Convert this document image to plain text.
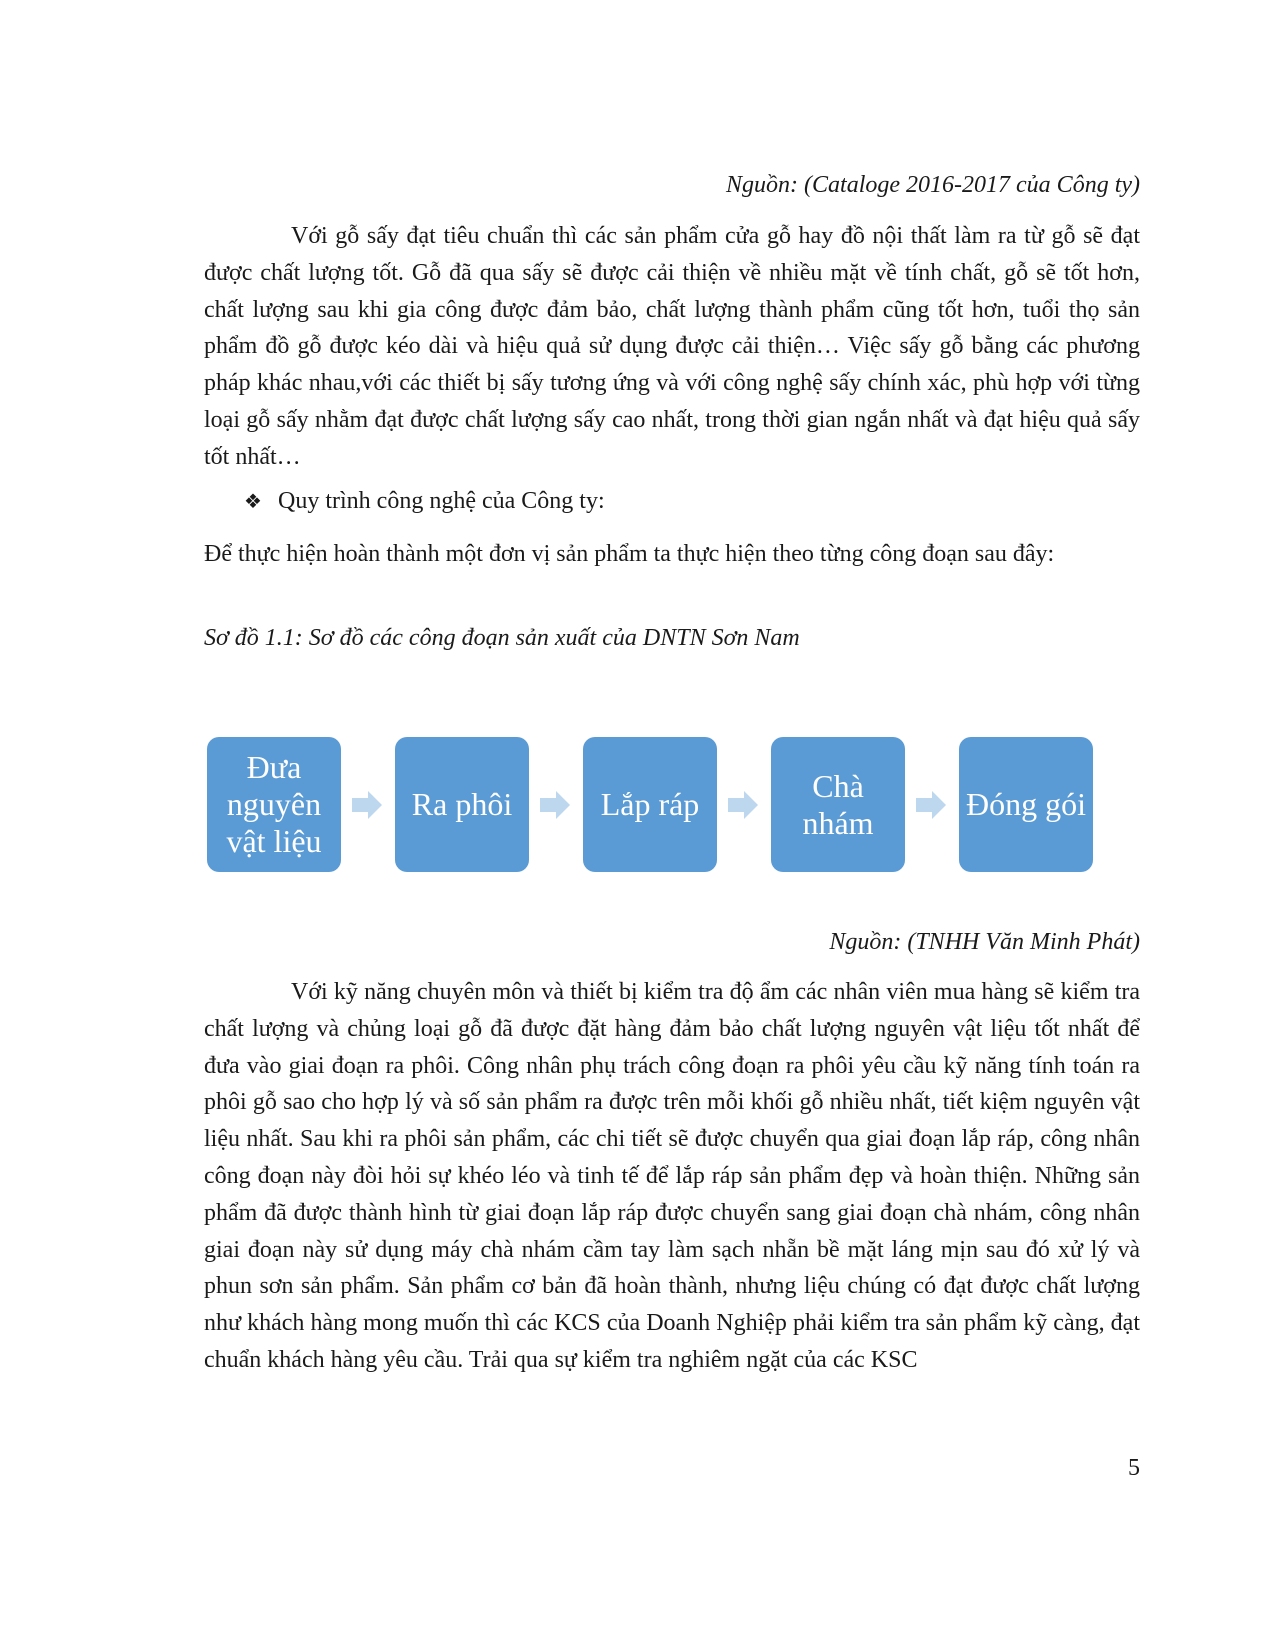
Nguồn: (Cataloge 2016-2017 của Công ty)

Với gỗ sấy đạt tiêu chuẩn thì các sản phẩm cửa gỗ hay đồ nội thất làm ra từ gỗ sẽ đạt được chất lượng tốt. Gỗ đã qua sấy sẽ được cải thiện về nhiều mặt về tính chất, gỗ sẽ tốt hơn, chất lượng sau khi gia công được đảm bảo, chất lượng thành phẩm cũng tốt hơn, tuổi thọ sản phẩm đồ gỗ được kéo dài và hiệu quả sử dụng được cải thiện… Việc sấy gỗ bằng các phương pháp khác nhau,với các thiết bị sấy tương ứng và với công nghệ sấy chính xác, phù hợp với từng loại gỗ sấy nhằm đạt được chất lượng sấy cao nhất, trong thời gian ngắn nhất và đạt hiệu quả sấy tốt nhất…

❖ Quy trình công nghệ của Công ty:

Để thực hiện hoàn thành một đơn vị sản phẩm ta thực hiện theo từng công đoạn sau đây:

Sơ đồ 1.1: Sơ đồ các công đoạn sản xuất của DNTN Sơn Nam
Đưa nguyên vật liệu
Ra phôi	Lắp ráp
Chà nhám
Đóng gói
Nguồn: (TNHH Văn Minh Phát)

Với kỹ năng chuyên môn và thiết bị kiểm tra độ ẩm các nhân viên mua hàng sẽ kiểm tra chất lượng và chủng loại gỗ đã được đặt hàng đảm bảo chất lượng nguyên vật liệu tốt nhất để đưa vào giai đoạn ra phôi. Công nhân phụ trách công đoạn ra phôi yêu cầu kỹ năng tính toán ra phôi gỗ sao cho hợp lý và số sản phẩm ra được trên mỗi khối gỗ nhiều nhất, tiết kiệm nguyên vật liệu nhất. Sau khi ra phôi sản phẩm, các chi tiết sẽ được chuyển qua giai đoạn lắp ráp, công nhân công đoạn này đòi hỏi sự khéo léo và tinh tế để lắp ráp sản phẩm đẹp và hoàn thiện. Những sản phẩm đã được thành hình từ giai đoạn lắp ráp được chuyển sang giai đoạn chà nhám, công nhân giai đoạn này sử dụng máy chà nhám cầm tay làm sạch nhẵn bề mặt láng mịn sau đó xử lý và phun sơn sản phẩm. Sản phẩm cơ bản đã hoàn thành, nhưng liệu chúng có đạt được chất lượng như khách hàng mong muốn thì các KCS của Doanh Nghiệp phải kiểm tra sản phẩm kỹ càng, đạt chuẩn khách hàng yêu cầu. Trải qua sự kiểm tra nghiêm ngặt của các KSC

5
